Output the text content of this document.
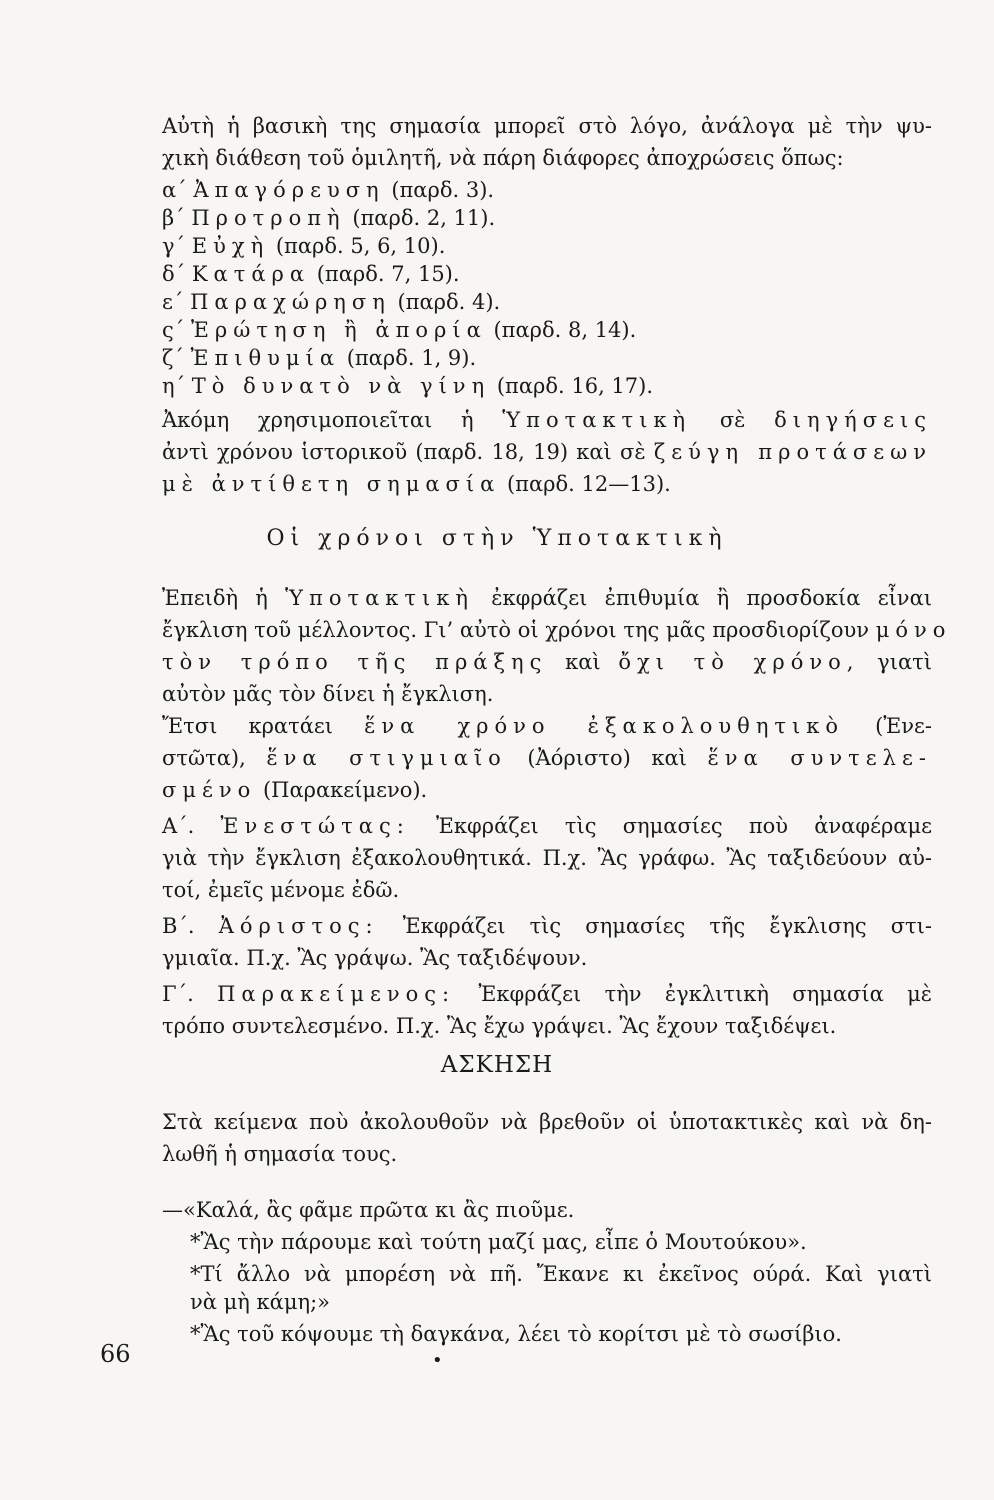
Αὐτὴ ἡ βασικὴ της σημασία μπορεῖ στὸ λόγο, ἀνάλογα μὲ τὴν ψυ-
χικὴ διάθεση τοῦ ὁμιλητῆ, νὰ πάρη διάφορες ἀποχρώσεις ὅπως:
α΄ Ἀπαγόρευση (παρδ. 3).
β΄ Προτροπὴ (παρδ. 2, 11).
γ΄ Εὐχὴ (παρδ. 5, 6, 10).
δ΄ Κατάρα (παρδ. 7, 15).
ε΄ Παραχώρηση (παρδ. 4).
ς΄ Ἐρώτηση ἢ ἀπορία (παρδ. 8, 14).
ζ΄ Ἐπιθυμία (παρδ. 1, 9).
η΄ Τὸ δυνατὸ νὰ γίνη (παρδ. 16, 17).
Ἀκόμη χρησιμοποιεῖται ἡ Ὑποτακτικὴ σὲ διηγήσεις
ἀντὶ χρόνου ἱστορικοῦ (παρδ. 18, 19) καὶ σὲ ζεύγη προτάσεων
μὲ ἀντίθετη σημασία (παρδ. 12—13).
Οἱ χρόνοι στὴν Ὑποτακτικὴ
Ἐπειδὴ ἡ Ὑποτακτικὴ ἐκφράζει ἐπιθυμία ἢ προσδοκία εἶναι
ἔγκλιση τοῦ μέλλοντος. Γι’ αὐτὸ οἱ χρόνοι της μᾶς προσδιορίζουν μόνο
τὸν τρόπο τῆς πράξης καὶ ὄχι τὸ χρόνο, γιατὶ
αὐτὸν μᾶς τὸν δίνει ἡ ἔγκλιση.
Ἔτσι κρατάει ἕνα χρόνο ἐξακολουθητικὸ (Ἐνε-
στῶτα), ἕνα στιγμιαῖο (Ἀόριστο) καὶ ἕνα συντελε-
σμένο (Παρακείμενο).
Α΄. Ἐνεστώτας: Ἐκφράζει τὶς σημασίες ποὺ ἀναφέραμε
γιὰ τὴν ἔγκλιση ἐξακολουθητικά. Π.χ. Ἂς γράφω. Ἂς ταξιδεύουν αὐ-
τοί, ἐμεῖς μένομε ἐδῶ.
Β΄. Ἀόριστος: Ἐκφράζει τὶς σημασίες τῆς ἔγκλισης στι-
γμιαῖα. Π.χ. Ἂς γράψω. Ἂς ταξιδέψουν.
Γ΄. Παρακείμενος: Ἐκφράζει τὴν ἐγκλιτικὴ σημασία μὲ
τρόπο συντελεσμένο. Π.χ. Ἂς ἔχω γράψει. Ἂς ἔχουν ταξιδέψει.
ΑΣΚΗΣΗ
Στὰ κείμενα ποὺ ἀκολουθοῦν νὰ βρεθοῦν οἱ ὑποτακτικὲς καὶ νὰ δη-
λωθῆ ἡ σημασία τους.
—«Καλά, ἂς φᾶμε πρῶτα κι ἂς πιοῦμε.
*Ἂς τὴν πάρουμε καὶ τούτη μαζί μας, εἶπε ὁ Μουτούκου».
*Τί ἄλλο νὰ μπορέση νὰ πῆ. Ἔκανε κι ἐκεῖνος ούρά. Καὶ γιατὶ
νὰ μὴ κάμη;»
*Ἂς τοῦ κόψουμε τὴ δαγκάνα, λέει τὸ κορίτσι μὲ τὸ σωσίβιο.
66	•
